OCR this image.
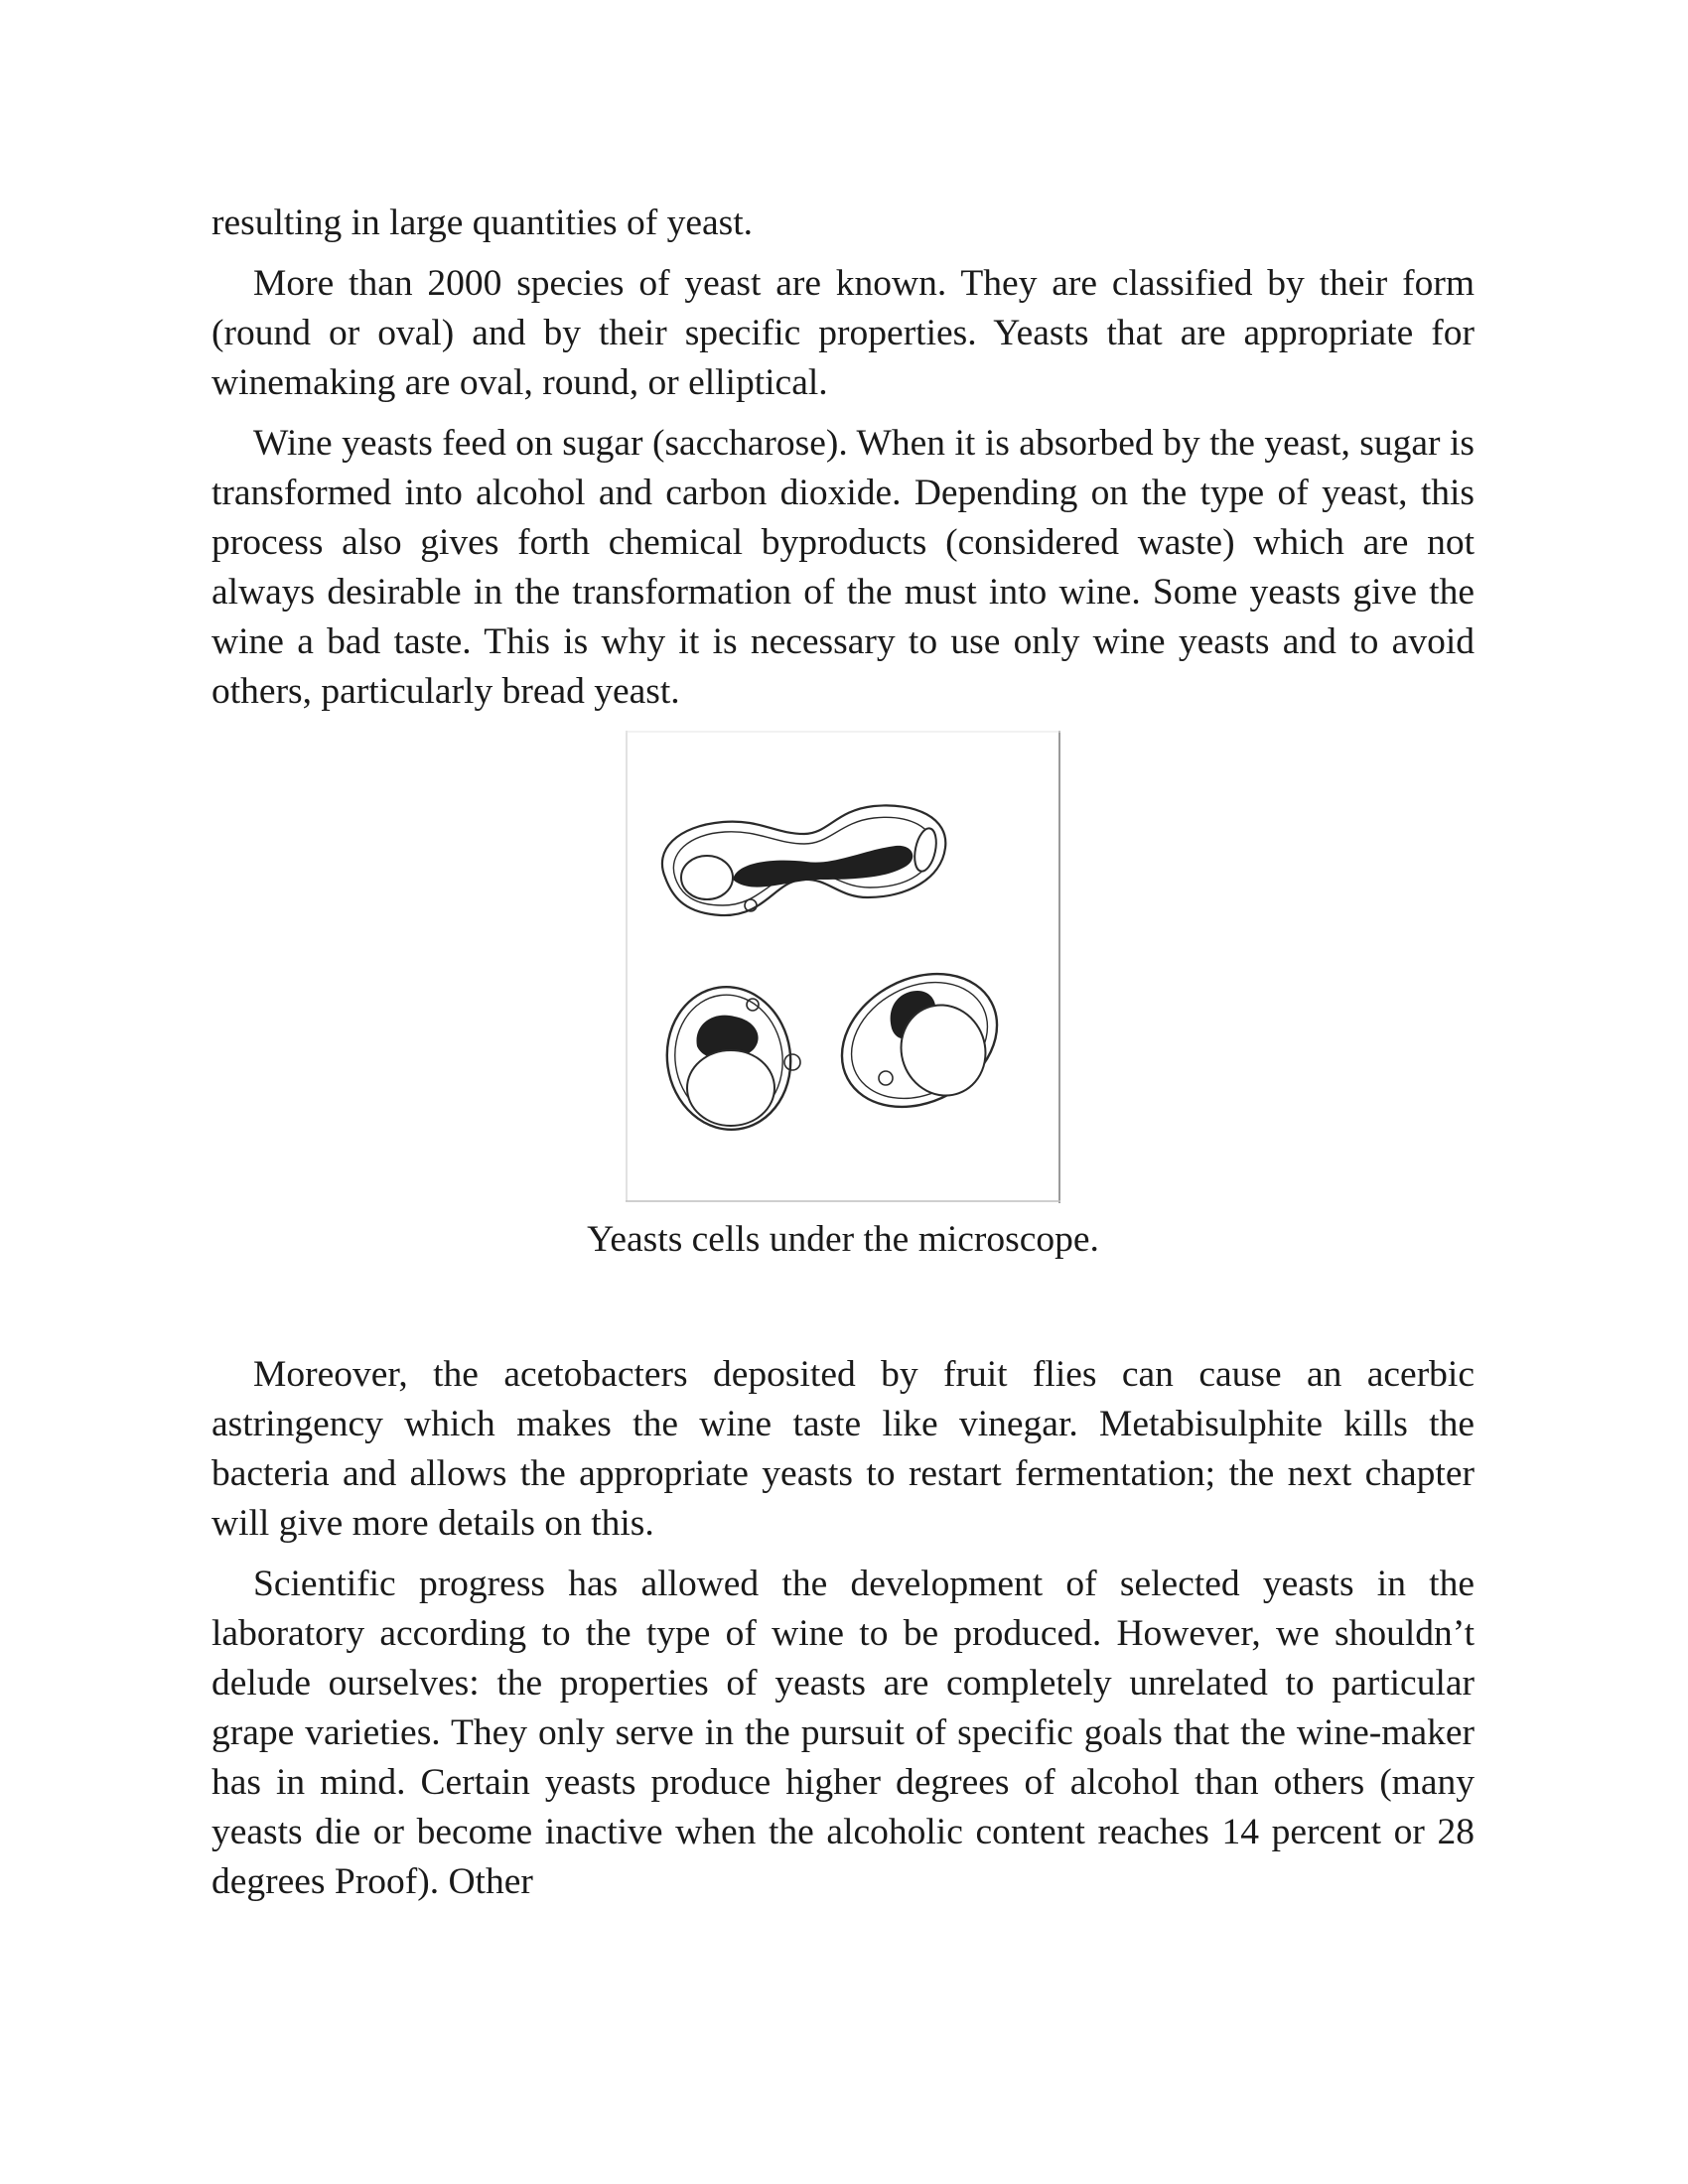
resulting in large quantities of yeast.

More than 2000 species of yeast are known. They are classified by their form (round or oval) and by their specific properties. Yeasts that are appropriate for winemaking are oval, round, or elliptical.

Wine yeasts feed on sugar (saccharose). When it is absorbed by the yeast, sugar is transformed into alcohol and carbon dioxide. Depending on the type of yeast, this process also gives forth chemical byproducts (considered waste) which are not always desirable in the transformation of the must into wine. Some yeasts give the wine a bad taste. This is why it is necessary to use only wine yeasts and to avoid others, particularly bread yeast.

Yeasts cells under the microscope.

Moreover, the acetobacters deposited by fruit flies can cause an acerbic astringency which makes the wine taste like vinegar. Metabisulphite kills the bacteria and allows the appropriate yeasts to restart fermentation; the next chapter will give more details on this.

Scientific progress has allowed the development of selected yeasts in the laboratory according to the type of wine to be produced. However, we shouldn’t delude ourselves: the properties of yeasts are completely unrelated to particular grape varieties. They only serve in the pursuit of specific goals that the wine-maker has in mind. Certain yeasts produce higher degrees of alcohol than others (many yeasts die or become inactive when the alcoholic content reaches 14 percent or 28 degrees Proof). Other
